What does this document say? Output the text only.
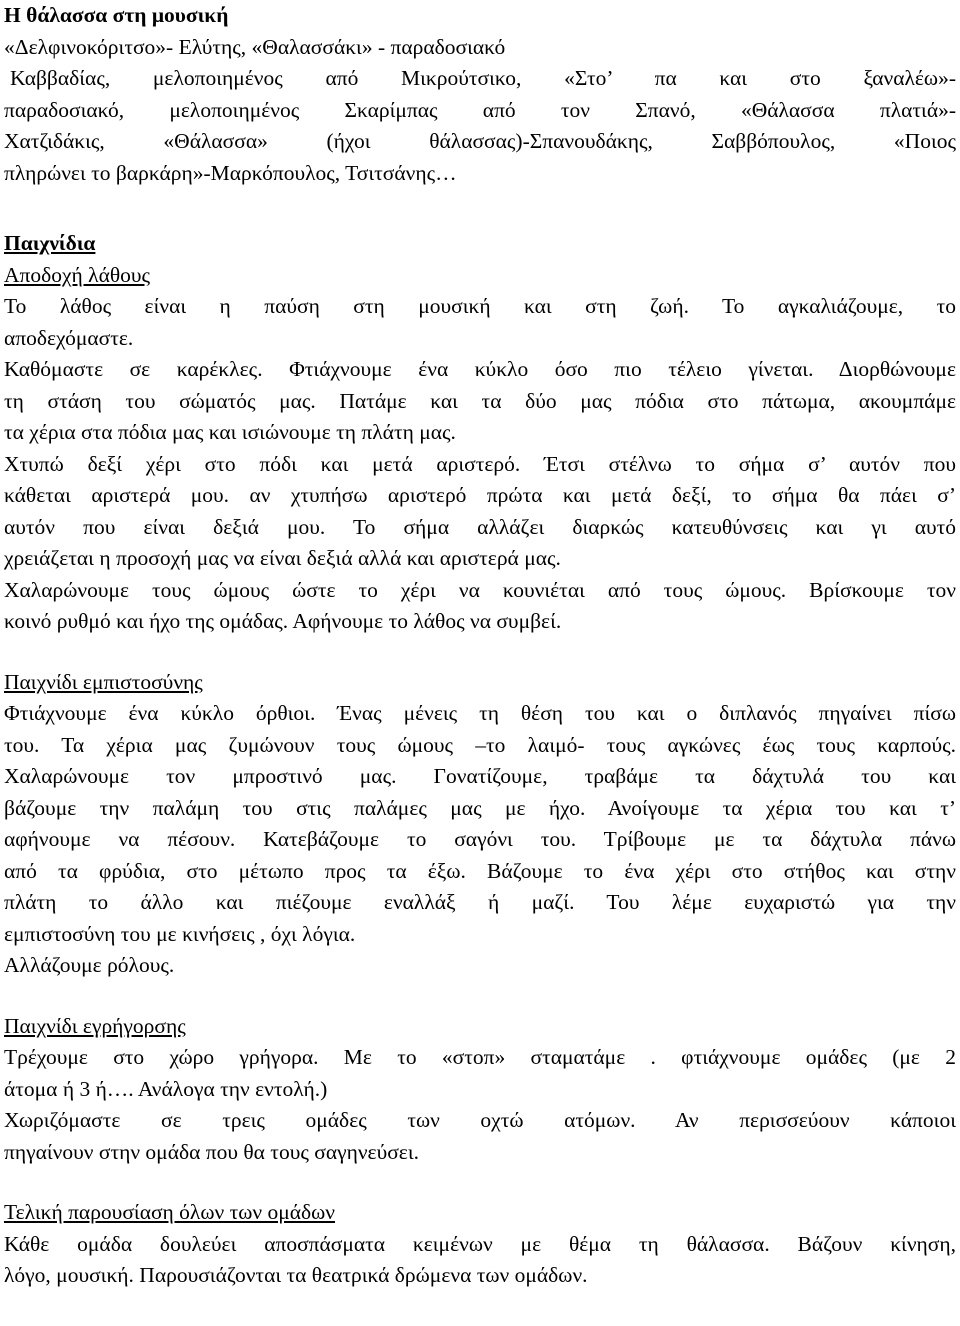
Η θάλασσα στη μουσική

«Δελφινοκόριτσο»- Ελύτης, «Θαλασσάκι» - παραδοσιακό

Καββαδίας, μελοποιημένος από Μικρούτσικο, «Στο’ πα και στο ξαναλέω»-

παραδοσιακό, μελοποιημένος Σκαρίμπας από τον Σπανό, «Θάλασσα πλατιά»-

Χατζιδάκις, «Θάλασσα» (ήχοι θάλασσας)-Σπανουδάκης, Σαββόπουλος, «Ποιος

πληρώνει το βαρκάρη»-Μαρκόπουλος, Τσιτσάνης…

Παιχνίδια

Αποδοχή λάθους

Το λάθος είναι η παύση στη μουσική και στη ζωή. Το αγκαλιάζουμε, το

αποδεχόμαστε.

Καθόμαστε σε καρέκλες. Φτιάχνουμε ένα κύκλο όσο πιο τέλειο γίνεται. Διορθώνουμε

τη στάση του σώματός μας. Πατάμε και τα δύο μας πόδια στο πάτωμα, ακουμπάμε

τα χέρια στα πόδια μας και ισιώνουμε τη πλάτη μας.

Χτυπώ δεξί χέρι στο πόδι και μετά αριστερό. Έτσι στέλνω το σήμα σ’ αυτόν που

κάθεται αριστερά μου. αν χτυπήσω αριστερό πρώτα και μετά δεξί, το σήμα θα πάει σ’

αυτόν που είναι δεξιά μου. Το σήμα αλλάζει διαρκώς κατευθύνσεις και γι αυτό

χρειάζεται η προσοχή μας να είναι δεξιά αλλά και αριστερά μας.

Χαλαρώνουμε τους ώμους ώστε το χέρι να κουνιέται από τους ώμους. Βρίσκουμε τον

κοινό ρυθμό και ήχο της ομάδας. Αφήνουμε το λάθος να συμβεί.

Παιχνίδι εμπιστοσύνης

Φτιάχνουμε ένα κύκλο όρθιοι. Ένας μένεις τη θέση του και ο διπλανός πηγαίνει πίσω

του. Τα χέρια μας ζυμώνουν τους ώμους –το λαιμό- τους αγκώνες έως τους καρπούς.

Χαλαρώνουμε τον μπροστινό μας. Γονατίζουμε, τραβάμε τα δάχτυλά του και

βάζουμε την παλάμη του στις παλάμες μας με ήχο. Ανοίγουμε τα χέρια του και τ’

αφήνουμε να πέσουν. Κατεβάζουμε το σαγόνι του. Τρίβουμε με τα δάχτυλα πάνω

από τα φρύδια, στο μέτωπο προς τα έξω. Βάζουμε το ένα χέρι στο στήθος και στην

πλάτη το άλλο και πιέζουμε εναλλάξ ή μαζί. Του λέμε ευχαριστώ για την

εμπιστοσύνη του με κινήσεις , όχι λόγια.

Αλλάζουμε ρόλους.

Παιχνίδι εγρήγορσης

Τρέχουμε στο χώρο γρήγορα. Με το «στοπ» σταματάμε . φτιάχνουμε ομάδες (με 2

άτομα ή 3 ή…. Ανάλογα την εντολή.)

Χωριζόμαστε σε τρεις ομάδες των οχτώ ατόμων. Αν περισσεύουν κάποιοι

πηγαίνουν στην ομάδα που θα τους σαγηνεύσει.

Τελική παρουσίαση όλων των ομάδων

Κάθε ομάδα δουλεύει αποσπάσματα κειμένων με θέμα τη θάλασσα. Βάζουν κίνηση,

λόγο, μουσική. Παρουσιάζονται τα θεατρικά δρώμενα των ομάδων.
